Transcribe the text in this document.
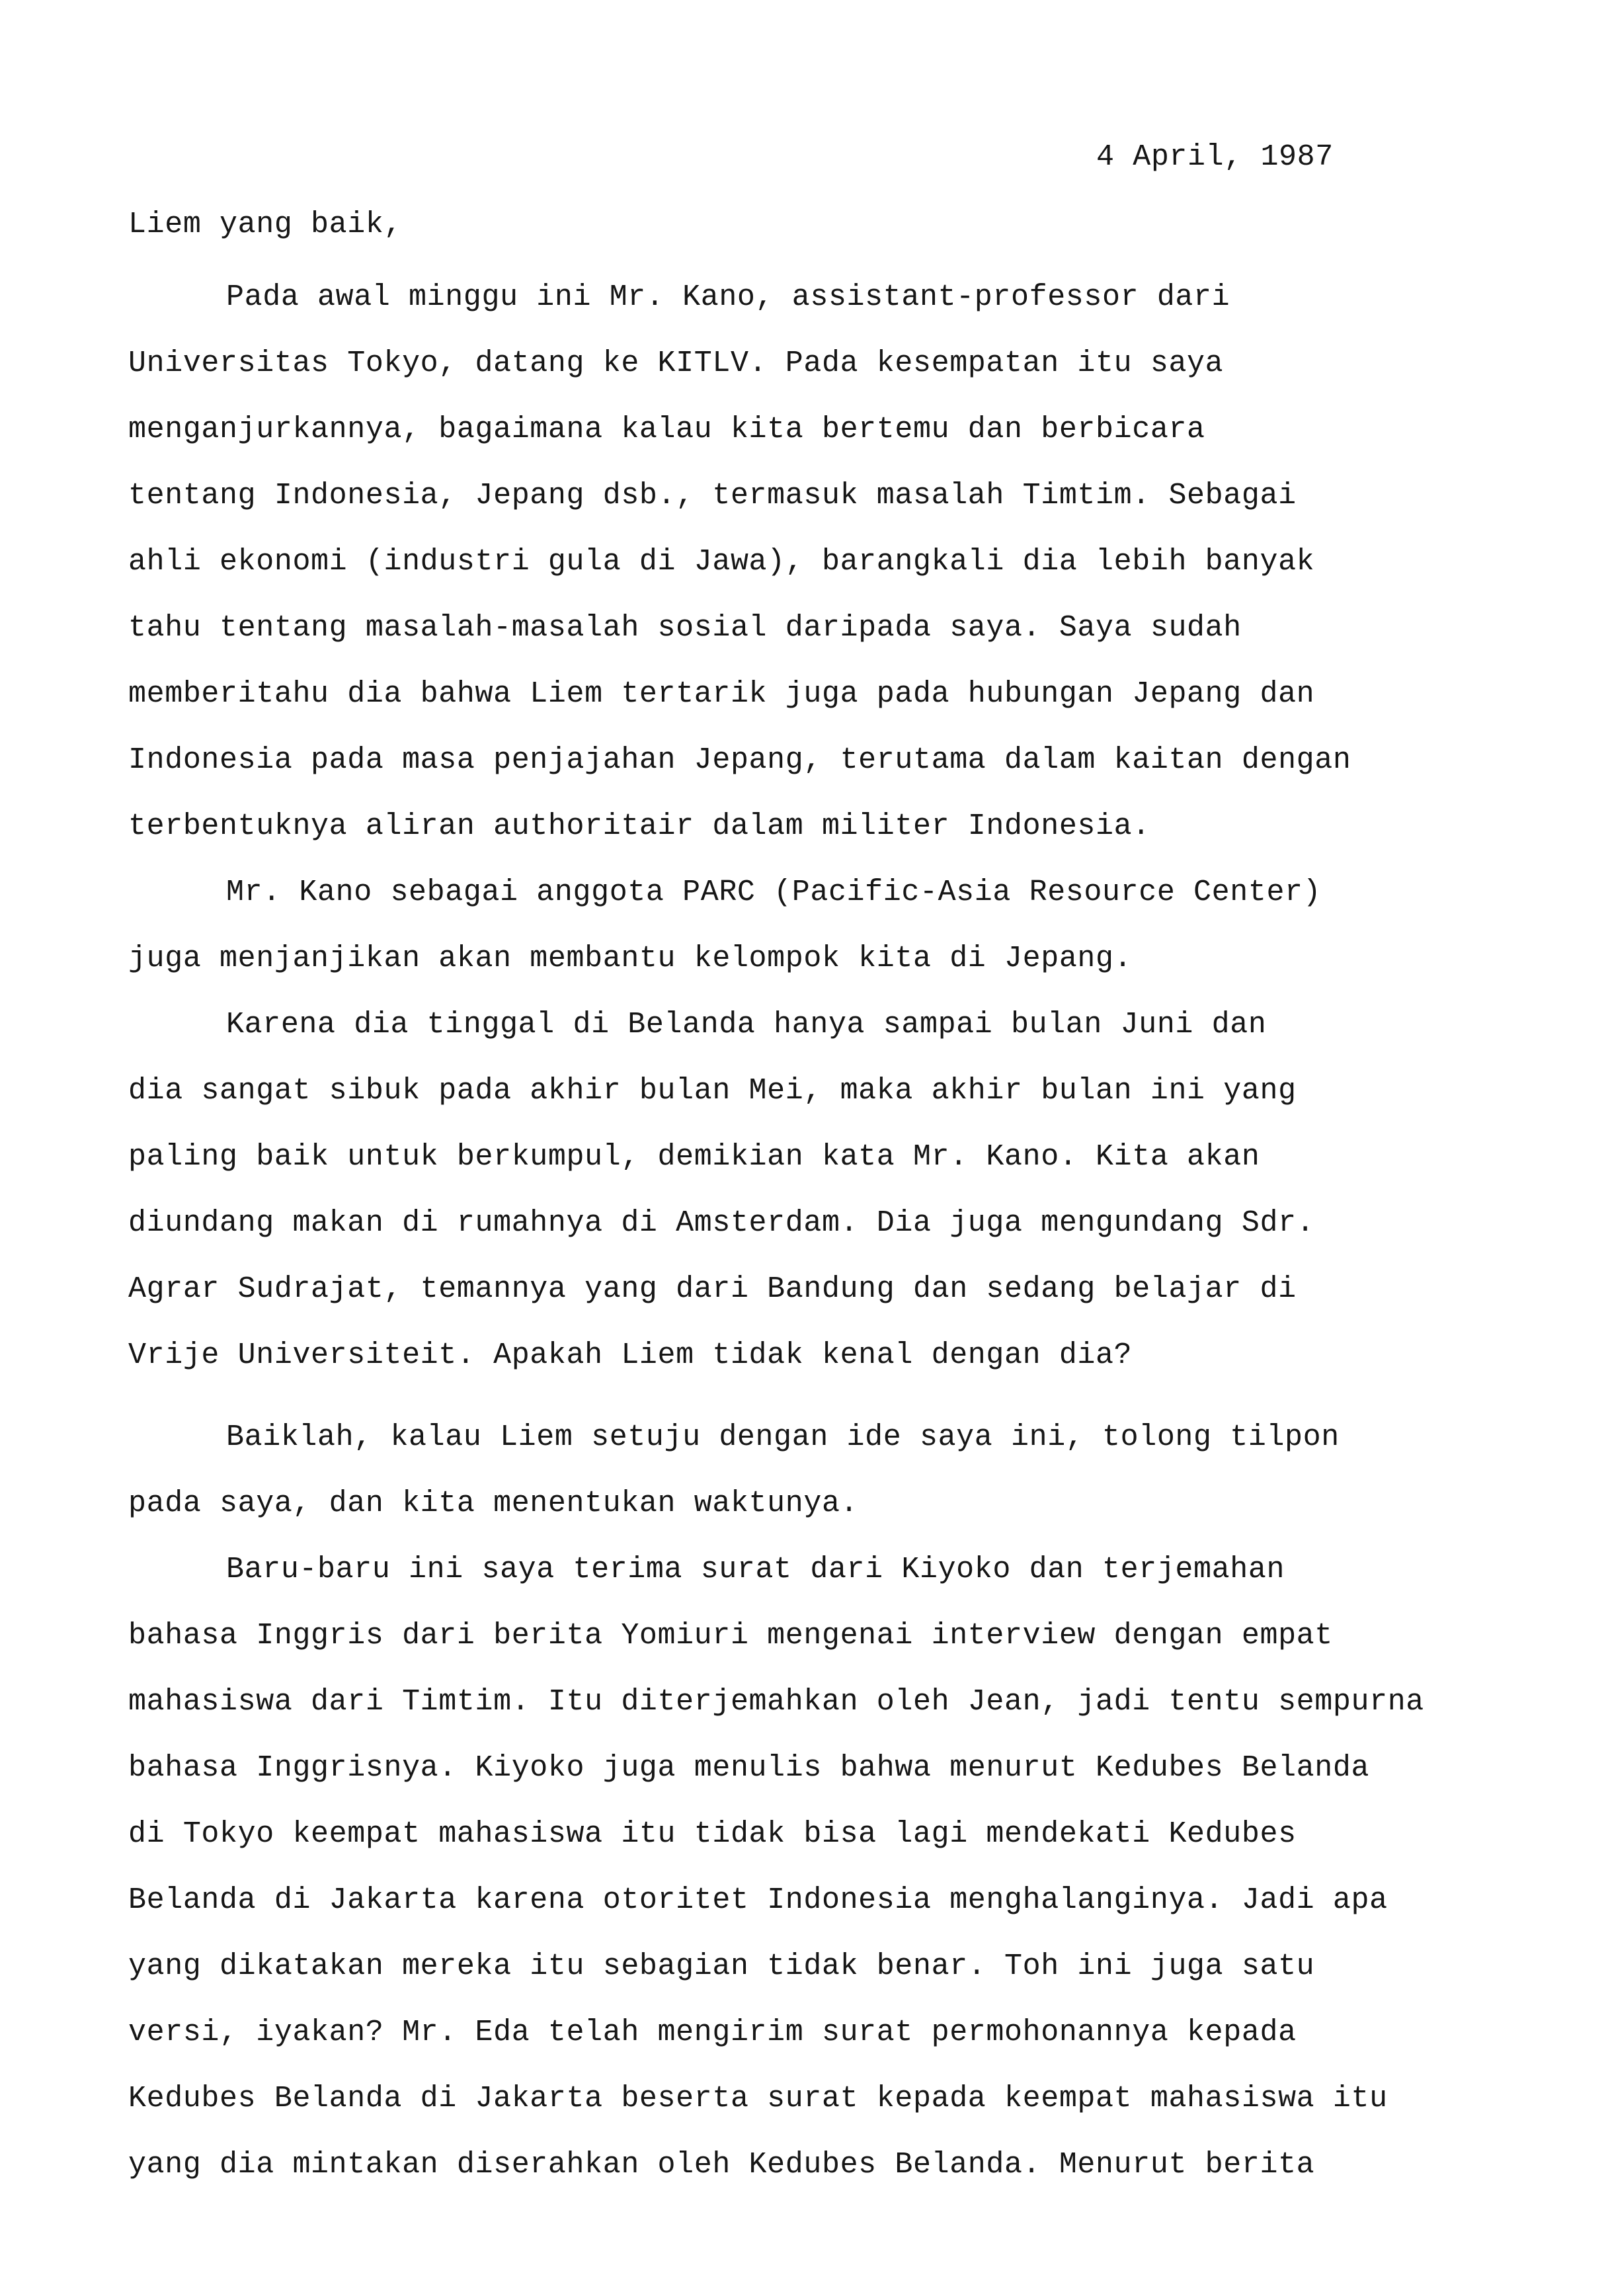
4 April, 1987
Liem yang baik,
Pada awal minggu ini Mr. Kano, assistant-professor dari
Universitas Tokyo, datang ke KITLV. Pada kesempatan itu saya
menganjurkannya, bagaimana kalau kita bertemu dan berbicara
tentang Indonesia, Jepang dsb., termasuk masalah Timtim. Sebagai
ahli ekonomi (industri gula di Jawa), barangkali dia lebih banyak
tahu tentang masalah-masalah sosial daripada saya. Saya sudah
memberitahu dia bahwa Liem tertarik juga pada hubungan Jepang dan
Indonesia pada masa penjajahan Jepang, terutama dalam kaitan dengan
terbentuknya aliran authoritair dalam militer Indonesia.
Mr. Kano sebagai anggota PARC (Pacific-Asia Resource Center)
juga menjanjikan akan membantu kelompok kita di Jepang.
Karena dia tinggal di Belanda hanya sampai bulan Juni dan
dia sangat sibuk pada akhir bulan Mei, maka akhir bulan ini yang
paling baik untuk berkumpul, demikian kata Mr. Kano. Kita akan
diundang makan di rumahnya di Amsterdam. Dia juga mengundang Sdr.
Agrar Sudrajat, temannya yang dari Bandung dan sedang belajar di
Vrije Universiteit. Apakah Liem tidak kenal dengan dia?
Baiklah, kalau Liem setuju dengan ide saya ini, tolong tilpon
pada saya, dan kita menentukan waktunya.
Baru-baru ini saya terima surat dari Kiyoko dan terjemahan
bahasa Inggris dari berita Yomiuri mengenai interview dengan empat
mahasiswa dari Timtim. Itu diterjemahkan oleh Jean, jadi tentu sempurna
bahasa Inggrisnya. Kiyoko juga menulis bahwa menurut Kedubes Belanda
di Tokyo keempat mahasiswa itu tidak bisa lagi mendekati Kedubes
Belanda di Jakarta karena otoritet Indonesia menghalanginya. Jadi apa
yang dikatakan mereka itu sebagian tidak benar. Toh ini juga satu
versi, iyakan? Mr. Eda telah mengirim surat permohonannya kepada
Kedubes Belanda di Jakarta beserta surat kepada keempat mahasiswa itu
yang dia mintakan diserahkan oleh Kedubes Belanda. Menurut berita
